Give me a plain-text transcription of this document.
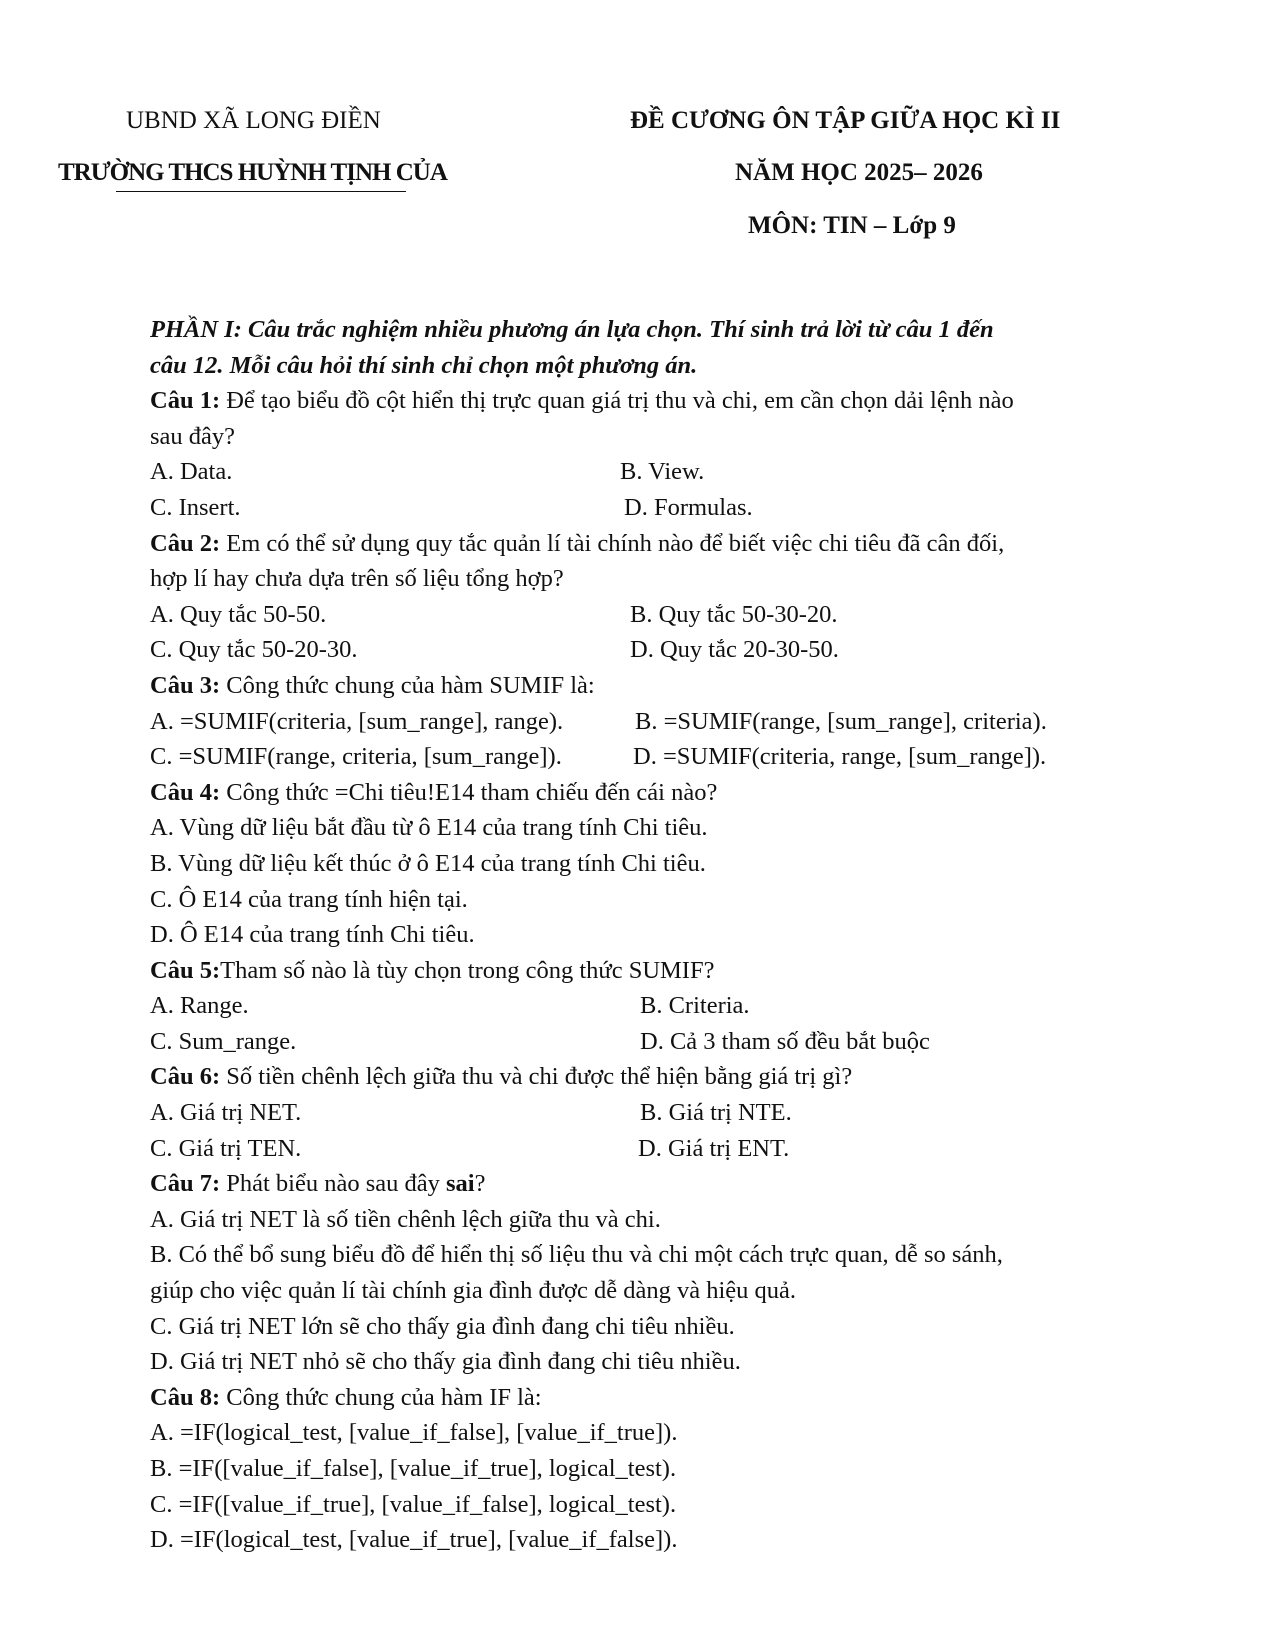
UBND XÃ LONG ĐIỀN
TRƯỜNG THCS HUỲNH TỊNH CỦA
ĐỀ CƯƠNG ÔN TẬP GIỮA HỌC KÌ II
NĂM HỌC 2025– 2026
MÔN: TIN – Lớp 9
PHẦN I: Câu trắc nghiệm nhiều phương án lựa chọn. Thí sinh trả lời từ câu 1 đến
câu 12. Mỗi câu hỏi thí sinh chỉ chọn một phương án.
Câu 1: Để tạo biểu đồ cột hiển thị trực quan giá trị thu và chi, em cần chọn dải lệnh nào
sau đây?
A. Data.	B. View.
C. Insert.	D. Formulas.
Câu 2: Em có thể sử dụng quy tắc quản lí tài chính nào để biết việc chi tiêu đã cân đối,
hợp lí hay chưa dựa trên số liệu tổng hợp?
A. Quy tắc 50-50.	B. Quy tắc 50-30-20.
C. Quy tắc 50-20-30.	D. Quy tắc 20-30-50.
Câu 3: Công thức chung của hàm SUMIF là:
A. =SUMIF(criteria, [sum_range], range).	B. =SUMIF(range, [sum_range], criteria).
C. =SUMIF(range, criteria, [sum_range]).	D. =SUMIF(criteria, range, [sum_range]).
Câu 4: Công thức =Chi tiêu!E14 tham chiếu đến cái nào?
A. Vùng dữ liệu bắt đầu từ ô E14 của trang tính Chi tiêu.
B. Vùng dữ liệu kết thúc ở ô E14 của trang tính Chi tiêu.
C. Ô E14 của trang tính hiện tại.
D. Ô E14 của trang tính Chi tiêu.
Câu 5:Tham số nào là tùy chọn trong công thức SUMIF?
A. Range.	B. Criteria.
C. Sum_range.	D. Cả 3 tham số đều bắt buộc
Câu 6: Số tiền chênh lệch giữa thu và chi được thể hiện bằng giá trị gì?
A. Giá trị NET.	B. Giá trị NTE.
C. Giá trị TEN.	D. Giá trị ENT.
Câu 7: Phát biểu nào sau đây sai?
A. Giá trị NET là số tiền chênh lệch giữa thu và chi.
B. Có thể bổ sung biểu đồ để hiển thị số liệu thu và chi một cách trực quan, dễ so sánh,
giúp cho việc quản lí tài chính gia đình được dễ dàng và hiệu quả.
C. Giá trị NET lớn sẽ cho thấy gia đình đang chi tiêu nhiều.
D. Giá trị NET nhỏ sẽ cho thấy gia đình đang chi tiêu nhiều.
Câu 8: Công thức chung của hàm IF là:
A. =IF(logical_test, [value_if_false], [value_if_true]).
B. =IF([value_if_false], [value_if_true], logical_test).
C. =IF([value_if_true], [value_if_false], logical_test).
D. =IF(logical_test, [value_if_true], [value_if_false]).
